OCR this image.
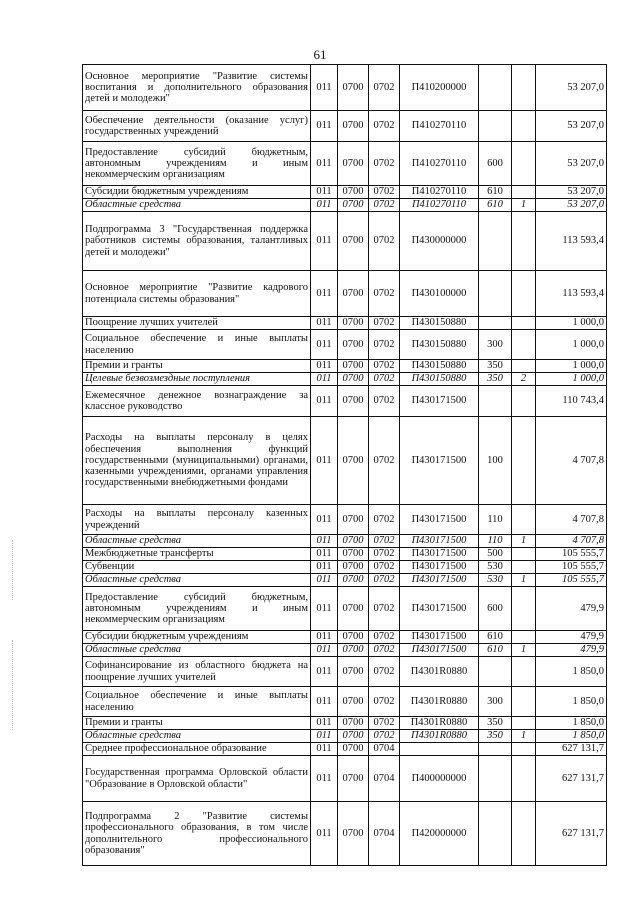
61
Основное мероприятие "Развитие системы воспитания и дополнительного образования детей и молодежи"	011	0700	0702	П410200000			53 207,0
Обеспечение деятельности (оказание услуг) государственных учреждений	011	0700	0702	П410270110			53 207,0
Предоставление субсидий бюджетным, автономным учреждениям и иным некоммерческим организациям	011	0700	0702	П410270110	600		53 207,0
Субсидии бюджетным учреждениям	011	0700	0702	П410270110	610		53 207,0
Областные средства	011	0700	0702	П410270110	610	1	53 207,0
Подпрограмма 3 "Государственная поддержка работников системы образования, талантливых детей и молодежи"	011	0700	0702	П430000000			113 593,4
Основное мероприятие "Развитие кадрового потенциала системы образования"	011	0700	0702	П430100000			113 593,4
Поощрение лучших учителей	011	0700	0702	П430150880			1 000,0
Социальное обеспечение и иные выплаты населению	011	0700	0702	П430150880	300		1 000,0
Премии и гранты	011	0700	0702	П430150880	350		1 000,0
Целевые безвозмездные поступления	011	0700	0702	П430150880	350	2	1 000,0
Ежемесячное денежное вознаграждение за классное руководство	011	0700	0702	П430171500			110 743,4
Расходы на выплаты персоналу в целях обеспечения выполнения функций государственными (муниципальными) органами, казенными учреждениями, органами управления государственными внебюджетными фондами	011	0700	0702	П430171500	100		4 707,8
Расходы на выплаты персоналу казенных учреждений	011	0700	0702	П430171500	110		4 707,8
Областные средства	011	0700	0702	П430171500	110	1	4 707,8
Межбюджетные трансферты	011	0700	0702	П430171500	500		105 555,7
Субвенции	011	0700	0702	П430171500	530		105 555,7
Областные средства	011	0700	0702	П430171500	530	1	105 555,7
Предоставление субсидий бюджетным, автономным учреждениям и иным некоммерческим организациям	011	0700	0702	П430171500	600		479,9
Субсидии бюджетным учреждениям	011	0700	0702	П430171500	610		479,9
Областные средства	011	0700	0702	П430171500	610	1	479,9
Софинансирование из областного бюджета на поощрение лучших учителей	011	0700	0702	П4301R0880			1 850,0
Социальное обеспечение и иные выплаты населению	011	0700	0702	П4301R0880	300		1 850,0
Премии и гранты	011	0700	0702	П4301R0880	350		1 850,0
Областные средства	011	0700	0702	П4301R0880	350	1	1 850,0
Среднее профессиональное образование	011	0700	0704				627 131,7
Государственная программа Орловской области "Образование в Орловской области"	011	0700	0704	П400000000			627 131,7
Подпрограмма 2 "Развитие системы профессионального образования, в том числе дополнительного профессионального образования"	011	0700	0704	П420000000			627 131,7
